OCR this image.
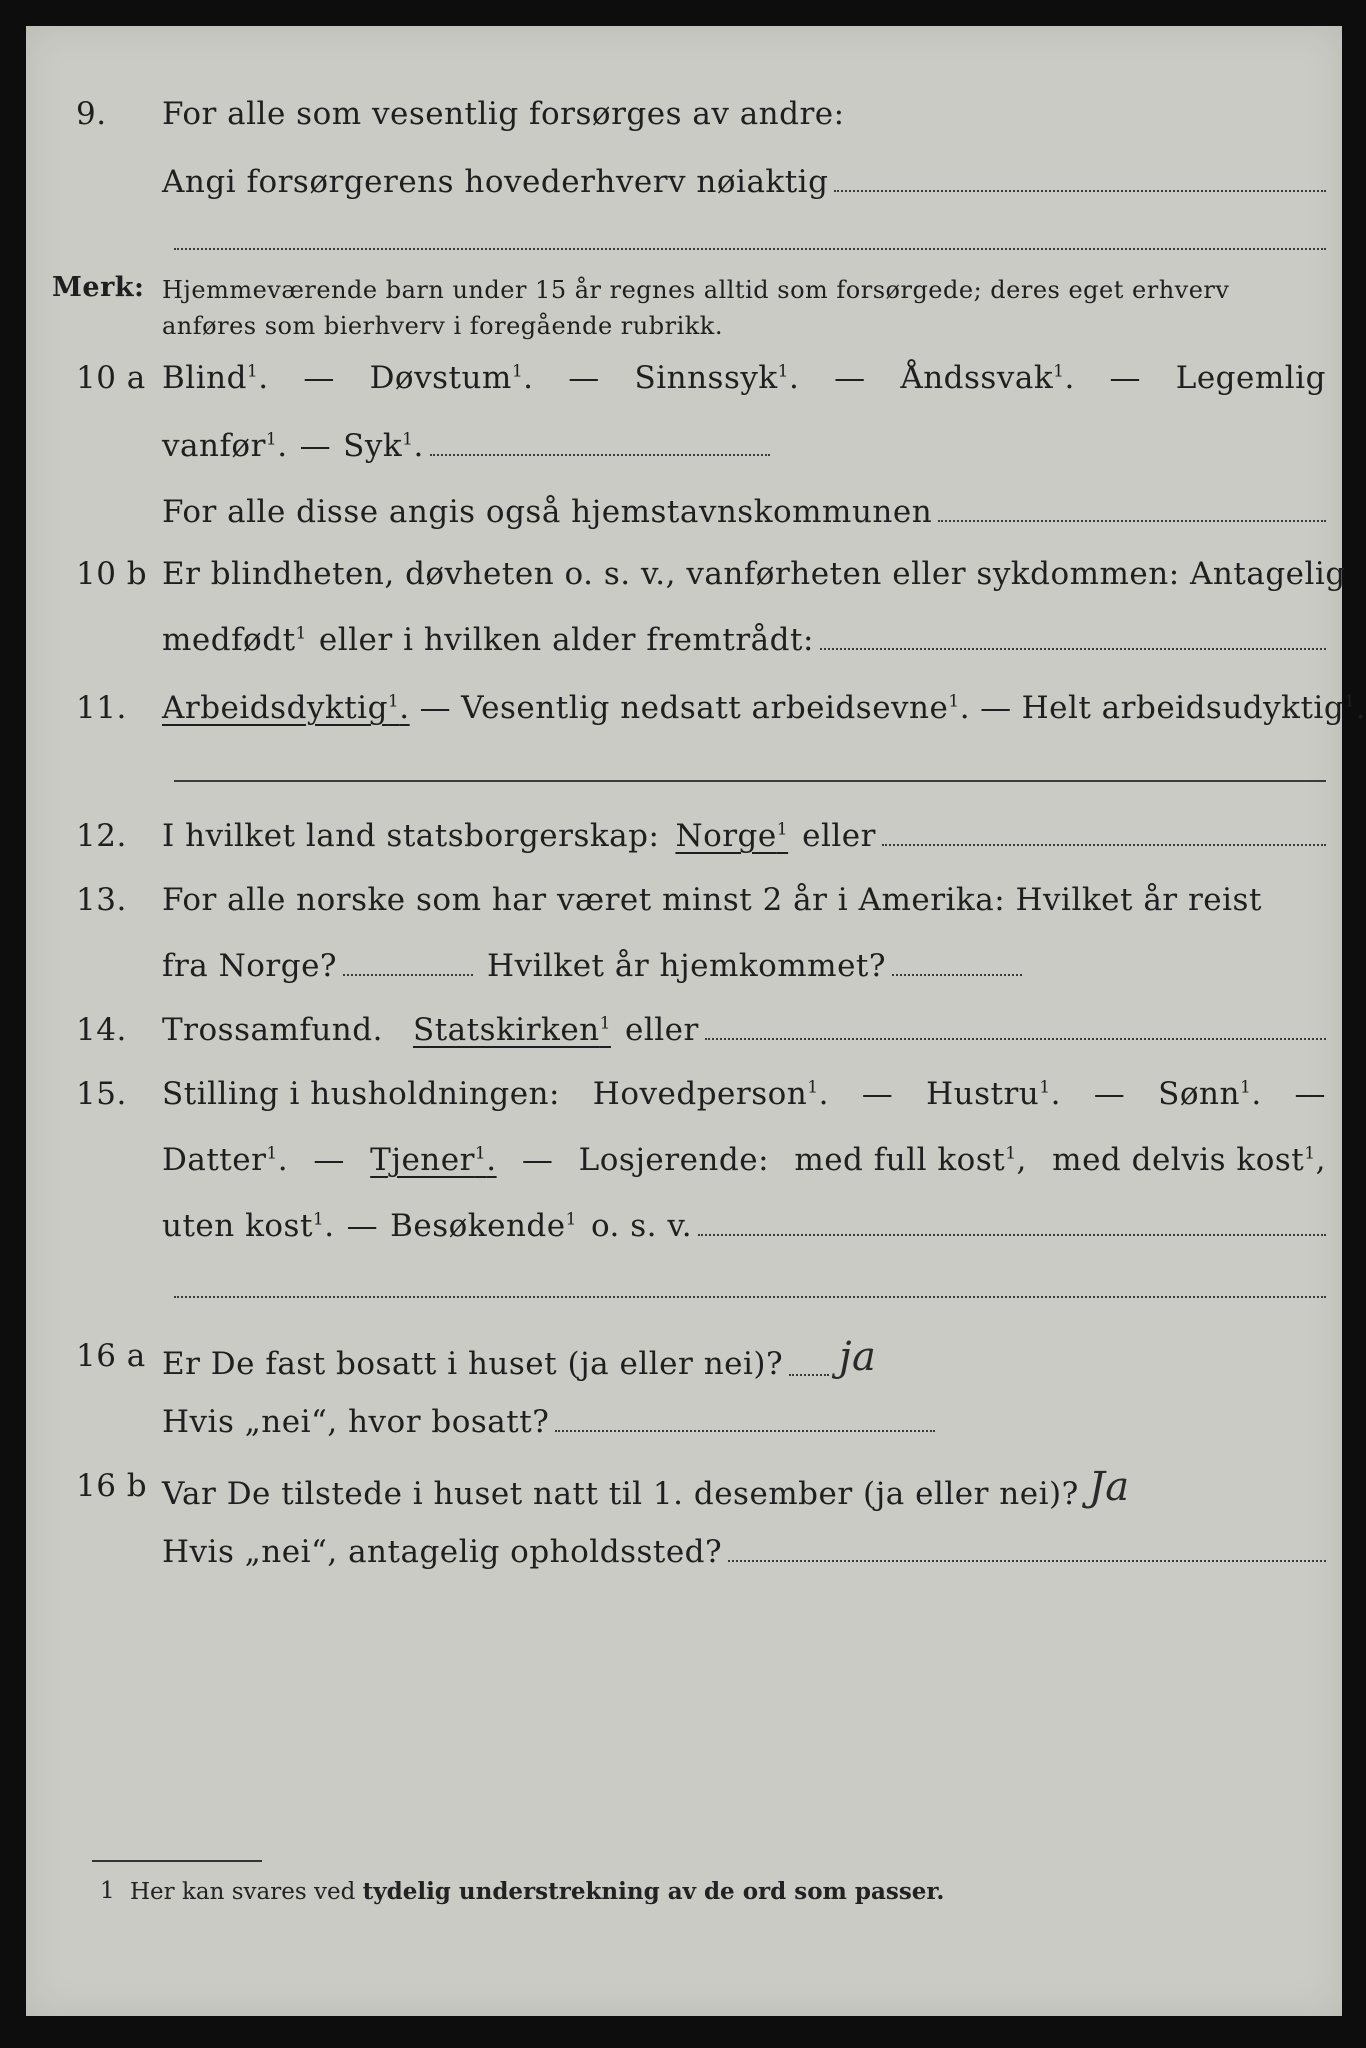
9.	For alle som vesentlig forsørges av andre:
Angi forsørgerens hovederhverv nøiaktig
Merk: Hjemmeværende barn under 15 år regnes alltid som forsørgede; deres eget erhverv anføres som bierhverv i foregående rubrikk.
10 a Blind$^1$. — Døvstum$^1$. — Sinnssyk$^1$. — Åndssvak$^1$. — Legemlig
vanfør$^1$. — Syk$^1$.
For alle disse angis også hjemstavnskommunen
10 b Er blindheten, døvheten o. s. v., vanførheten eller sykdommen: Antagelig
medfødt$^1$ eller i hvilken alder fremtrådt:
11.	Arbeidsdyktig$^1$. — Vesentlig nedsatt arbeidsevne$^1$. — Helt arbeidsudyktig$^1$.
12.	I hvilket land statsborgerskap: Norge$^1$ eller
13.	For alle norske som har været minst 2 år i Amerika: Hvilket år reist
fra Norge?	Hvilket år hjemkommet?
14.	Trossamfund. Statskirken$^1$ eller
15.	Stilling i husholdningen: Hovedperson$^1$. — Hustru$^1$. — Sønn$^1$. —
Datter$^1$. — Tjener$^1$. — Losjerende: med full kost$^1$, med delvis kost$^1$,
uten kost$^1$. — Besøkende$^1$ o. s. v.
16 a Er De fast bosatt i huset (ja eller nei)? ja
Hvis „nei“, hvor bosatt?
16 b Var De tilstede i huset natt til 1. desember (ja eller nei)? Ja
Hvis „nei“, antagelig opholdssted?
1 Her kan svares ved tydelig understrekning av de ord som passer.
